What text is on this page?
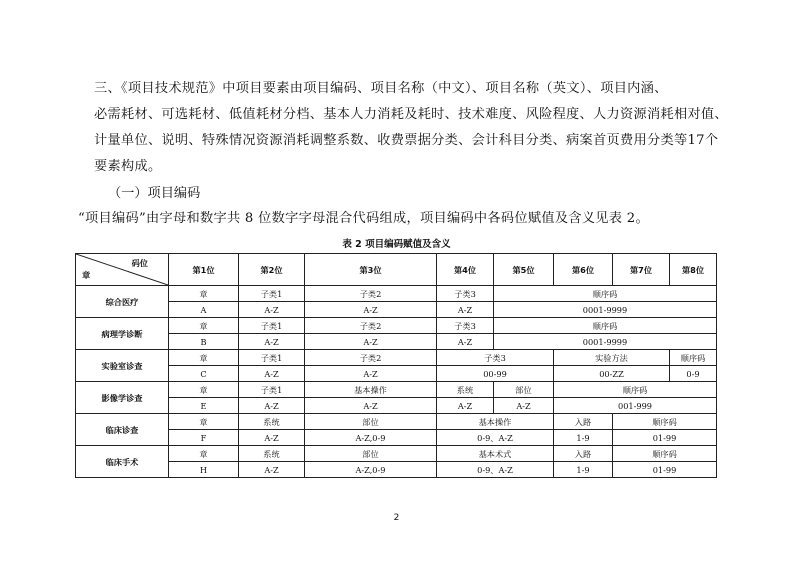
三、《项目技术规范》中项目要素由项目编码、项目名称（中文）、项目名称（英文）、项目内涵、

必需耗材、可选耗材、低值耗材分档、基本人力消耗及耗时、技术难度、风险程度、人力资源消耗相对值、

计量单位、说明、特殊情况资源消耗调整系数、收费票据分类、会计科目分类、病案首页费用分类等17个

要素构成。

（一）项目编码
“项目编码”由字母和数字共 8 位数字字母混合代码组成，项目编码中各码位赋值及含义见表 2。
表 2 项目编码赋值及含义
码位
章	第1位	第2位	第3位	第4位	第5位	第6位	第7位	第8位
综合医疗	章	子类1	子类2	子类3	顺序码			
	A	A-Z	A-Z	A-Z	0001-9999			
病理学诊断	章	子类1	子类2	子类3	顺序码			
	B	A-Z	A-Z	A-Z	0001-9999			
实验室诊查	章	子类1	子类2	子类3		实验方法		顺序码
	C	A-Z	A-Z	00-99		00-ZZ		0-9
影像学诊查	章	子类1	基本操作	系统	部位	顺序码		
	E	A-Z	A-Z	A-Z	A-Z	001-999		
临床诊查	章	系统	部位	基本操作		入路	顺序码	
	F	A-Z	A-Z,0-9	0-9、A-Z		1-9	01-99	
临床手术	章	系统	部位	基本术式		入路	顺序码	
	H	A-Z	A-Z,0-9	0-9、A-Z		1-9	01-99	
2
